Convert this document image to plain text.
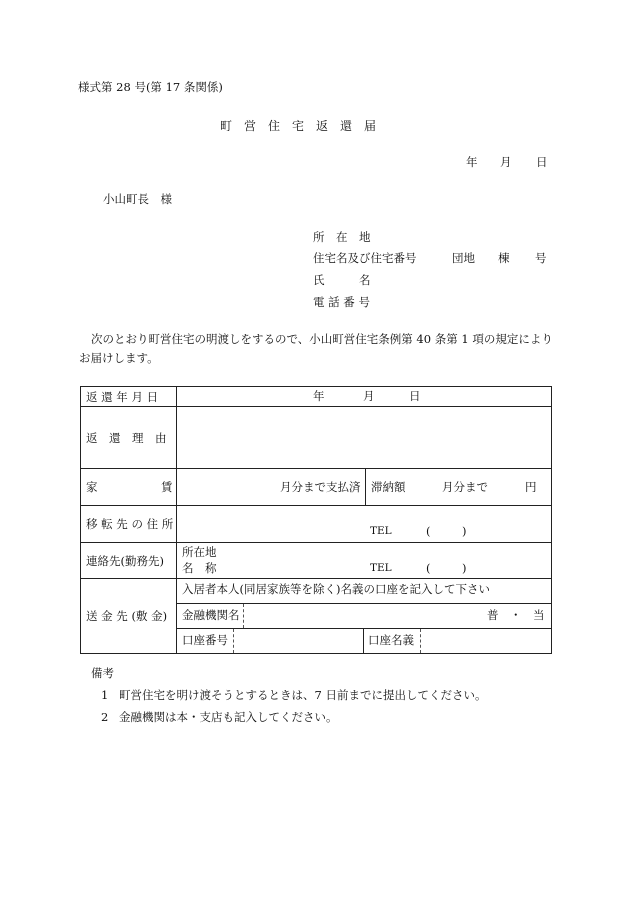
様式第 28 号(第 17 条関係)
町　営　住　宅　返　還　届
年 月 日
小山町長　様
所　在　地
住宅名及び住宅番号	団地 棟 号
氏　　　名
電 話 番 号
次のとおり町営住宅の明渡しをするので、小山町営住宅条例第 40 条第 1 項の規定により
お届けします。
返 還 年 月 日	年 月 日

返　還　理　由	

家 賃	月分まで支払済 滞納額 月分まで 円

移 転 先 の 住 所	TEL ( )

連絡先(勤務先)	所在地
名　称 TEL ( )

送 金 先 (敷 金)	入居者本人(同居家族等を除く)名義の口座を記入して下さい
金融機関名 普　・　当
口座番号 口座名義
備考
1 町営住宅を明け渡そうとするときは、7 日前までに提出してください。
2 金融機関は本・支店も記入してください。
